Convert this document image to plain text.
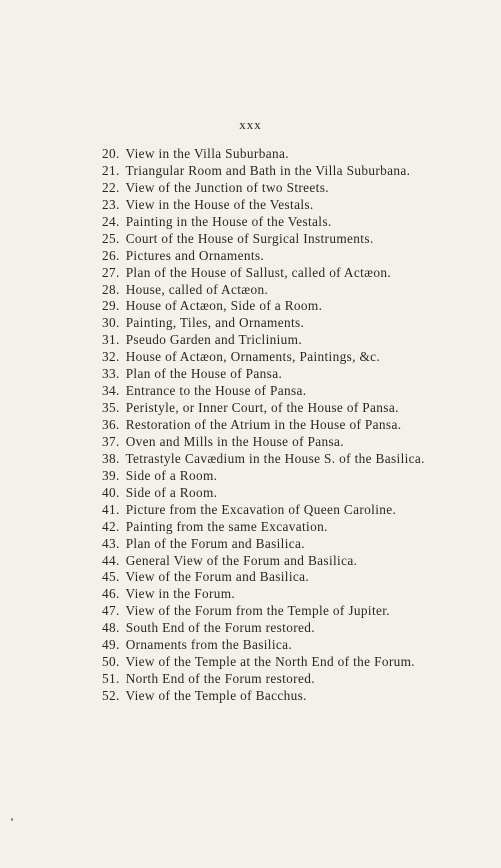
xxx
20. View in the Villa Suburbana.
21. Triangular Room and Bath in the Villa Suburbana.
22. View of the Junction of two Streets.
23. View in the House of the Vestals.
24. Painting in the House of the Vestals.
25. Court of the House of Surgical Instruments.
26. Pictures and Ornaments.
27. Plan of the House of Sallust, called of Actæon.
28. House, called of Actæon.
29. House of Actæon, Side of a Room.
30. Painting, Tiles, and Ornaments.
31. Pseudo Garden and Triclinium.
32. House of Actæon, Ornaments, Paintings, &c.
33. Plan of the House of Pansa.
34. Entrance to the House of Pansa.
35. Peristyle, or Inner Court, of the House of Pansa.
36. Restoration of the Atrium in the House of Pansa.
37. Oven and Mills in the House of Pansa.
38. Tetrastyle Cavædium in the House S. of the Basilica.
39. Side of a Room.
40. Side of a Room.
41. Picture from the Excavation of Queen Caroline.
42. Painting from the same Excavation.
43. Plan of the Forum and Basilica.
44. General View of the Forum and Basilica.
45. View of the Forum and Basilica.
46. View in the Forum.
47. View of the Forum from the Temple of Jupiter.
48. South End of the Forum restored.
49. Ornaments from the Basilica.
50. View of the Temple at the North End of the Forum.
51. North End of the Forum restored.
52. View of the Temple of Bacchus.
